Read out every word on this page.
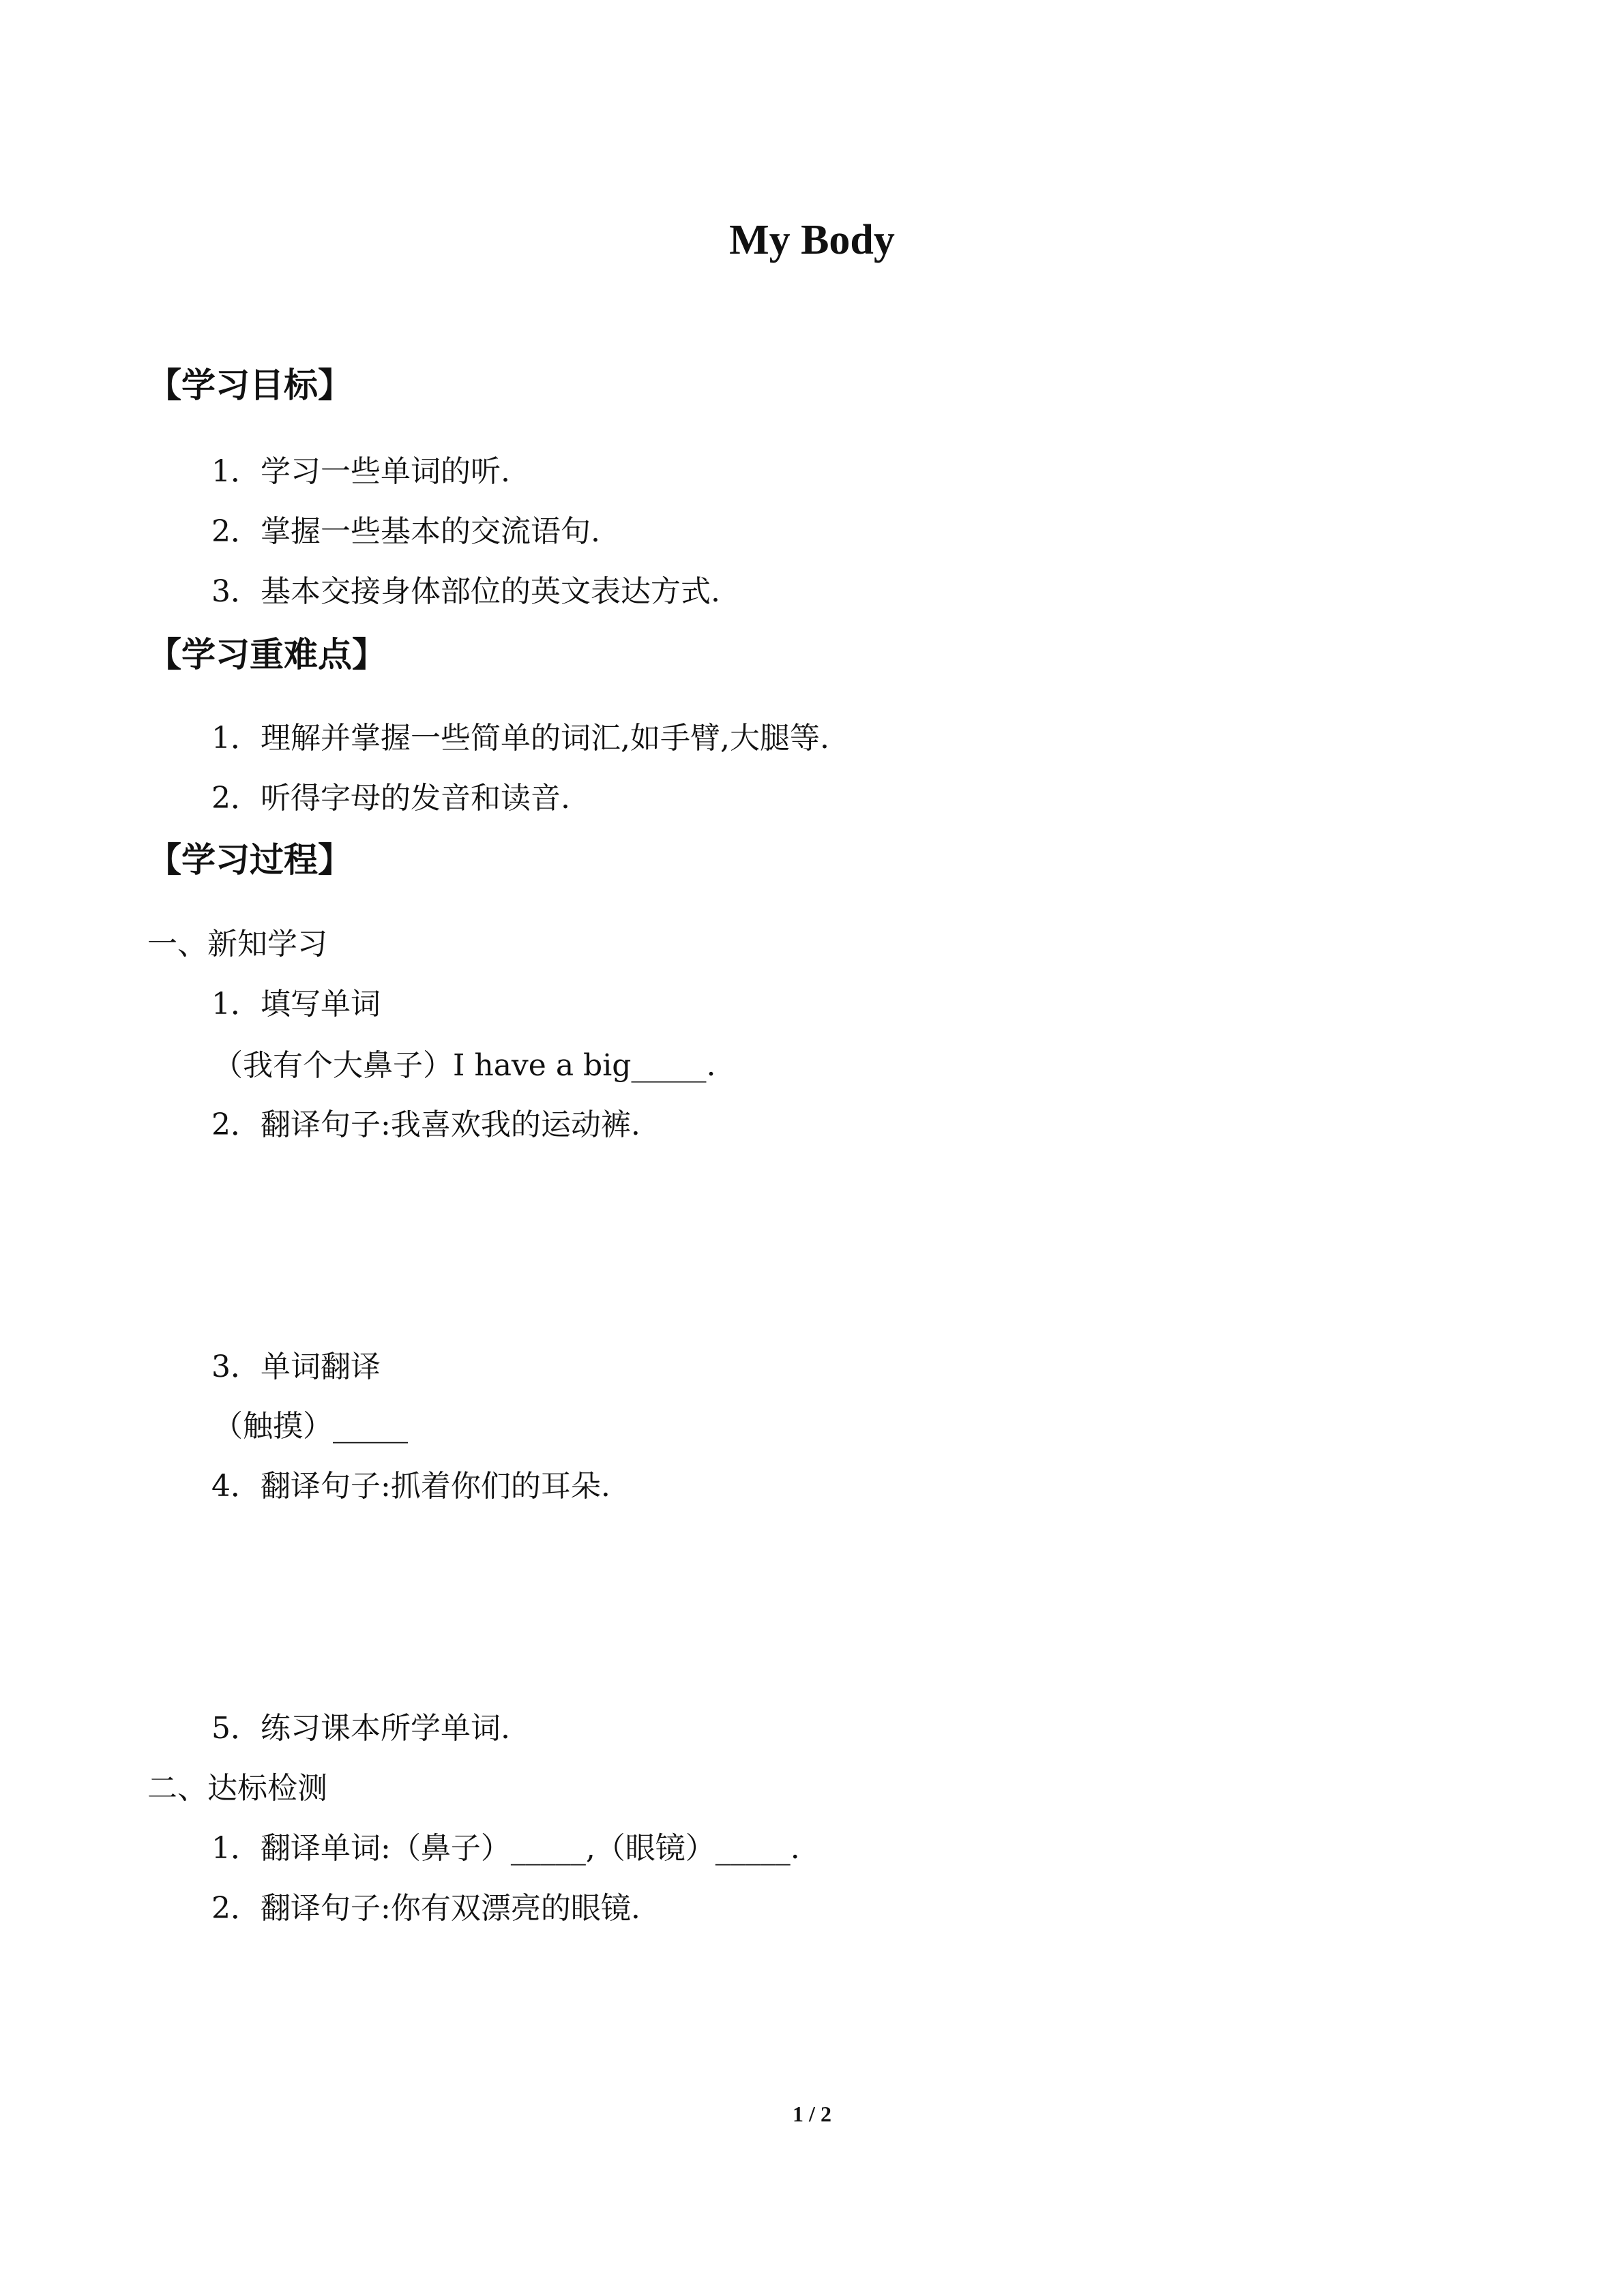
My Body
【学习目标】
1．学习一些单词的听.
2．掌握一些基本的交流语句.
3．基本交接身体部位的英文表达方式.
【学习重难点】
1．理解并掌握一些简单的词汇,如手臂,大腿等.
2．听得字母的发音和读音.
【学习过程】
一、新知学习
1．填写单词
（我有个大鼻子）I have a big_____.
2．翻译句子:我喜欢我的运动裤.
3．单词翻译
（触摸）_____
4．翻译句子:抓着你们的耳朵.
5．练习课本所学单词.
二、达标检测
1．翻译单词:（鼻子）_____,（眼镜）_____.
2．翻译句子:你有双漂亮的眼镜.
1 / 2
